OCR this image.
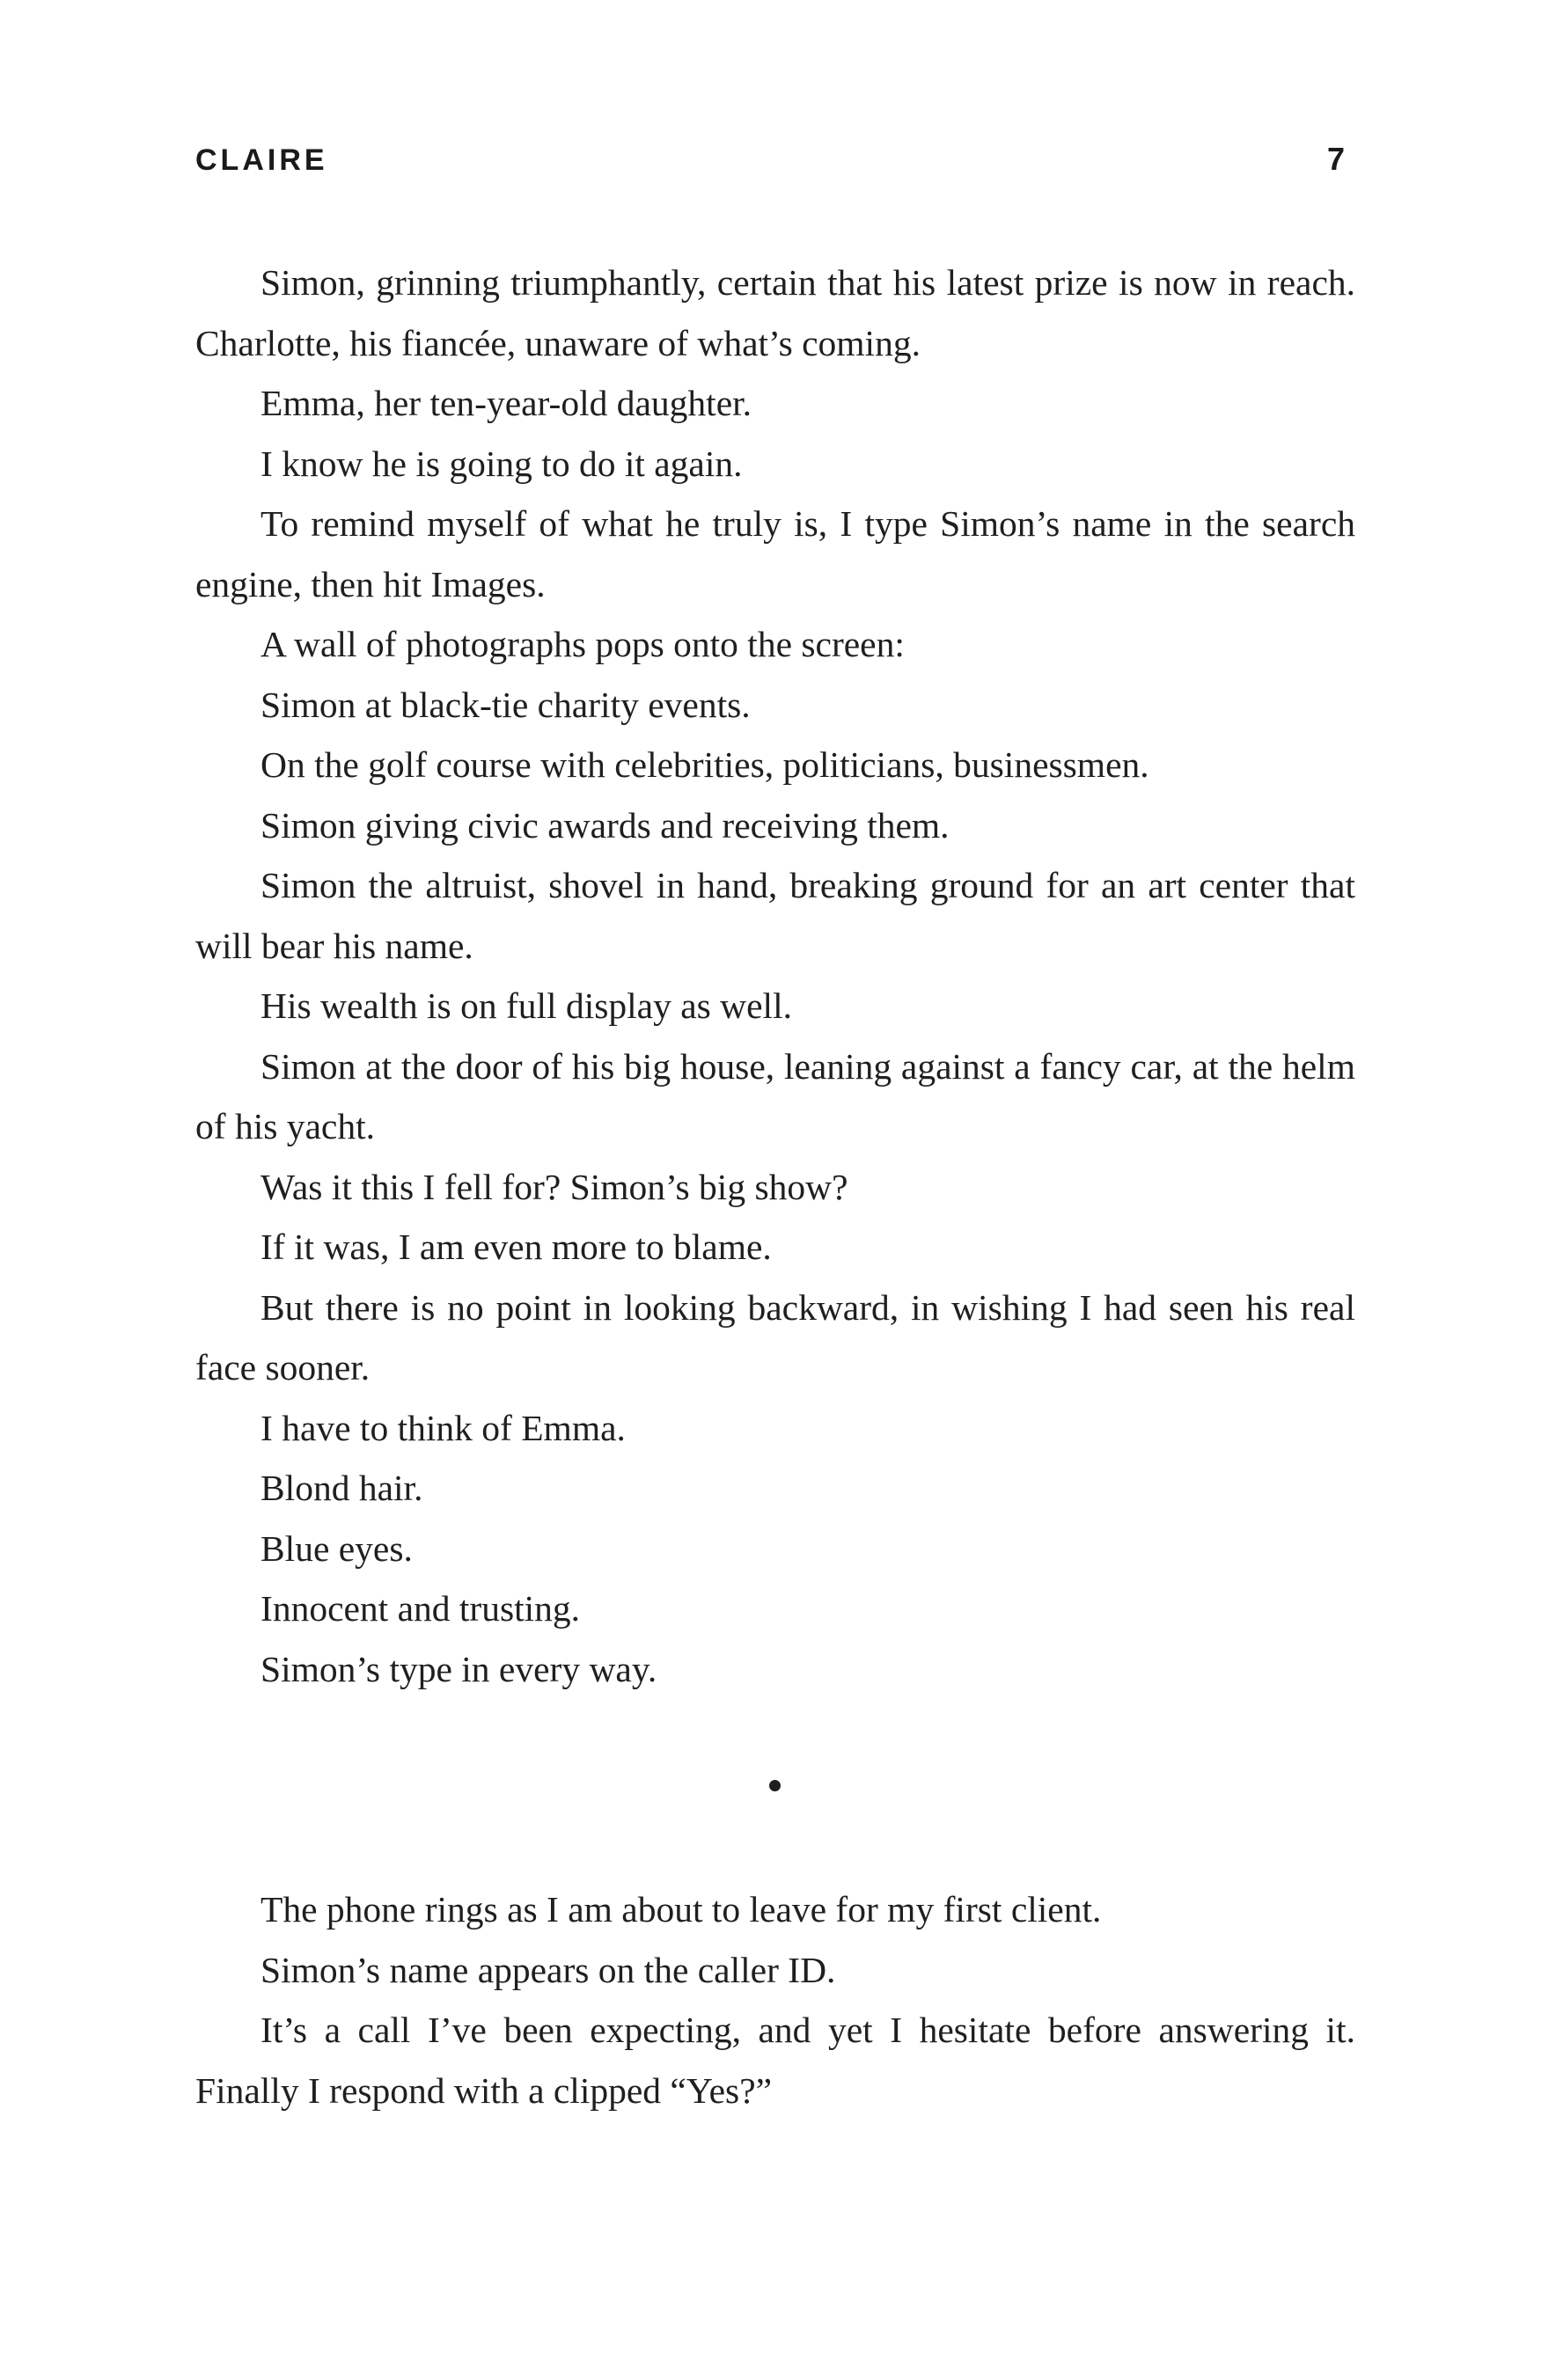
CLAIRE	7

Simon, grinning triumphantly, certain that his latest prize is now in reach. Charlotte, his fiancée, unaware of what’s coming.

Emma, her ten-year-old daughter.

I know he is going to do it again.

To remind myself of what he truly is, I type Simon’s name in the search engine, then hit Images.

A wall of photographs pops onto the screen:

Simon at black-tie charity events.

On the golf course with celebrities, politicians, businessmen.

Simon giving civic awards and receiving them.

Simon the altruist, shovel in hand, breaking ground for an art center that will bear his name.

His wealth is on full display as well.

Simon at the door of his big house, leaning against a fancy car, at the helm of his yacht.

Was it this I fell for? Simon’s big show?

If it was, I am even more to blame.

But there is no point in looking backward, in wishing I had seen his real face sooner.

I have to think of Emma.

Blond hair.

Blue eyes.

Innocent and trusting.

Simon’s type in every way.

The phone rings as I am about to leave for my first client.

Simon’s name appears on the caller ID.

It’s a call I’ve been expecting, and yet I hesitate before answering it. Finally I respond with a clipped “Yes?”
